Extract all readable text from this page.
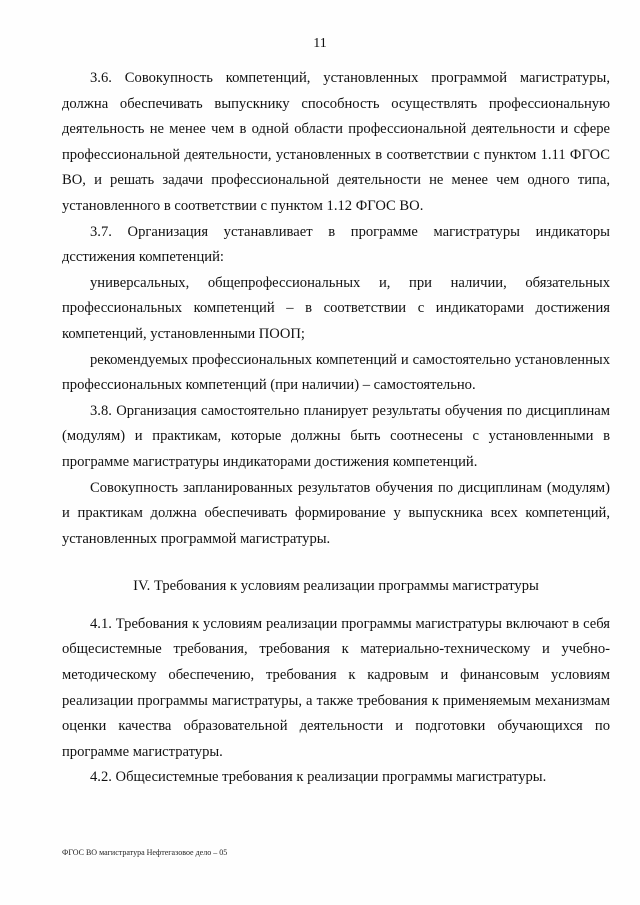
11

3.6. Совокупность компетенций, установленных программой магистратуры, должна обеспечивать выпускнику способность осуществлять профессиональную деятельность не менее чем в одной области профессиональной деятельности и сфере профессиональной деятельности, установленных в соответствии с пунктом 1.11 ФГОС ВО, и решать задачи профессиональной деятельности не менее чем одного типа, установленного в соответствии с пунктом 1.12 ФГОС ВО.

3.7. Организация устанавливает в программе магистратуры индикаторы дсстижения компетенций:

универсальных, общепрофессиональных и, при наличии, обязательных профессиональных компетенций – в соответствии с индикаторами достижения компетенций, установленными ПООП;

рекомендуемых профессиональных компетенций и самостоятельно установленных профессиональных компетенций (при наличии) – самостоятельно.

3.8. Организация самостоятельно планирует результаты обучения по дисциплинам (модулям) и практикам, которые должны быть соотнесены с установленными в программе магистратуры индикаторами достижения компетенций.

Совокупность запланированных результатов обучения по дисциплинам (модулям) и практикам должна обеспечивать формирование у выпускника всех компетенций, установленных программой магистратуры.

IV. Требования к условиям реализации программы магистратуры

4.1. Требования к условиям реализации программы магистратуры включают в себя общесистемные требования, требования к материально-техническому и учебно-методическому обеспечению, требования к кадровым и финансовым условиям реализации программы магистратуры, а также требования к применяемым механизмам оценки качества образовательной деятельности и подготовки обучающихся по программе магистратуры.

4.2. Общесистемные требования к реализации программы магистратуры.

ФГОС ВО магистратура Нефтегазовое дело – 05
